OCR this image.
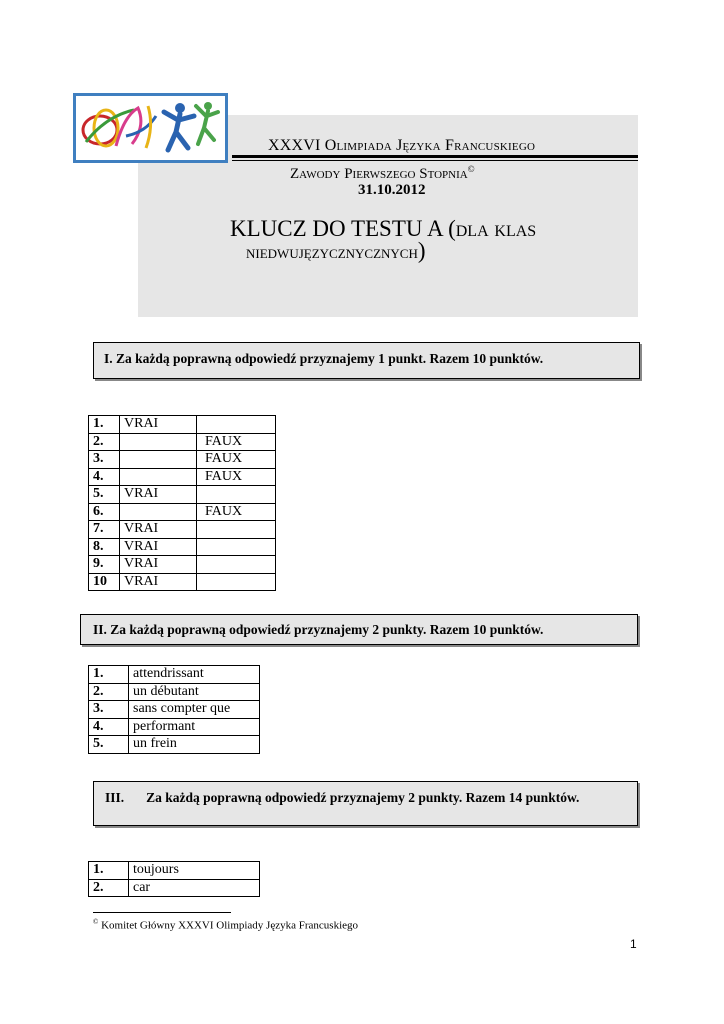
XXXVI Olimpiada Języka Francuskiego
Zawody Pierwszego Stopnia©
31.10.2012
KLUCZ DO TESTU A (dla klas
niedwujęzycznycznych)
I. Za każdą poprawną odpowiedź przyznajemy 1 punkt. Razem 10 punktów.
1.	VRAI	
2.		FAUX
3.		FAUX
4.		FAUX
5.	VRAI	
6.		FAUX
7.	VRAI	
8.	VRAI	
9.	VRAI	
10	VRAI	
II. Za każdą poprawną odpowiedź przyznajemy 2 punkty. Razem 10 punktów.
1.	attendrissant
2.	un débutant
3.	sans compter que
4.	performant
5.	un frein
III. Za każdą poprawną odpowiedź przyznajemy 2 punkty. Razem 14 punktów.
1.	toujours
2.	car
© Komitet Główny XXXVI Olimpiady Języka Francuskiego
1
